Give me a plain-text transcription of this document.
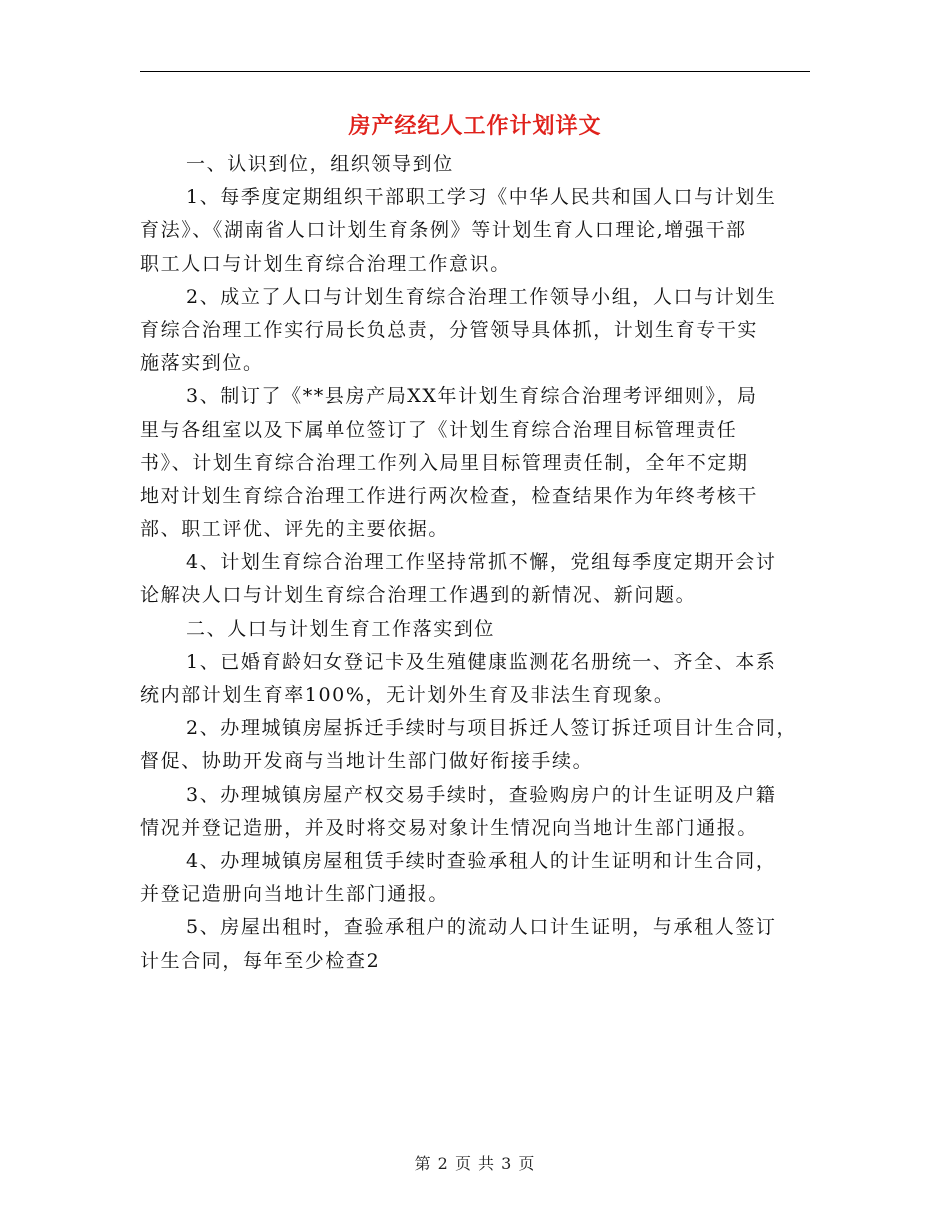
房产经纪人工作计划详文
一、认识到位，组织领导到位
1、每季度定期组织干部职工学习《中华人民共和国人口与计划生
育法》、《湖南省人口计划生育条例》等计划生育人口理论,增强干部
职工人口与计划生育综合治理工作意识。
2、成立了人口与计划生育综合治理工作领导小组，人口与计划生
育综合治理工作实行局长负总责，分管领导具体抓，计划生育专干实
施落实到位。
3、制订了《**县房产局XX年计划生育综合治理考评细则》，局
里与各组室以及下属单位签订了《计划生育综合治理目标管理责任
书》、计划生育综合治理工作列入局里目标管理责任制，全年不定期
地对计划生育综合治理工作进行两次检查，检查结果作为年终考核干
部、职工评优、评先的主要依据。
4、计划生育综合治理工作坚持常抓不懈，党组每季度定期开会讨
论解决人口与计划生育综合治理工作遇到的新情况、新问题。
二、人口与计划生育工作落实到位
1、已婚育龄妇女登记卡及生殖健康监测花名册统一、齐全、本系
统内部计划生育率100%，无计划外生育及非法生育现象。
2、办理城镇房屋拆迁手续时与项目拆迁人签订拆迁项目计生合同，
督促、协助开发商与当地计生部门做好衔接手续。
3、办理城镇房屋产权交易手续时，查验购房户的计生证明及户籍
情况并登记造册，并及时将交易对象计生情况向当地计生部门通报。
4、办理城镇房屋租赁手续时查验承租人的计生证明和计生合同，
并登记造册向当地计生部门通报。
5、房屋出租时，查验承租户的流动人口计生证明，与承租人签订
计生合同，每年至少检查2
第 2 页 共 3 页
